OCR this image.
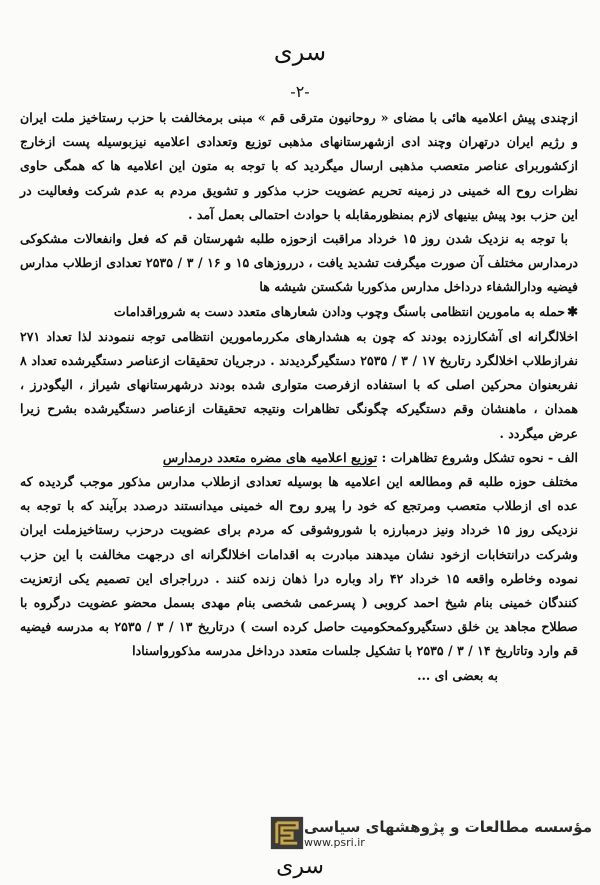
سری
-۲-

ازچندی پیش اعلامیه هائی با مضای « روحانیون مترقی قم » مبنی برمخالفت با حزب رستاخیز ملت ایران و رژیم ایران درتهران وچند ادی ازشهرستانهای مذهبی توزیع وتعدادی اعلامیه نیزبوسیله پست ازخارج ازکشوربرای عناصر متعصب مذهبی ارسال میگردید که با توجه به متون این اعلامیه ها که همگی حاوی نظرات روح اله خمینی در زمینه تحریم عضویت حزب مذکور و تشویق مردم به عدم شرکت وفعالیت در این حزب بود پیش بینیهای لازم بمنظورمقابله با حوادث احتمالی بعمل آمد .

با توجه به نزدیک شدن روز ۱۵ خرداد مراقبت ازحوزه طلبه شهرستان قم که فعل وانفعالات مشکوکی درمدارس مختلف آن صورت میگرفت تشدید یافت ، درروزهای ۱۵ و ۱۶ / ۳ / ۲۵۳۵ تعدادی ازطلاب مدارس فیضیه ودارالشفاء درداخل مدارس مذکوربا شکستن شیشه ها

✱حمله به مامورین انتظامی باسنگ وچوب ودادن شعارهای متعدد دست به شروراقدامات

اخلالگرانه ای آشکارزده بودند که چون به هشدارهای مکررمامورین انتظامی توجه ننمودند لذا تعداد ۲۷۱ نفرازطلاب اخلالگرد رتاریخ ۱۷ / ۳ / ۲۵۳۵ دستگیرگردیدند . درجریان تحقیقات ازعناصر دستگیرشده تعداد ۸ نفربعنوان محرکین اصلی که با استفاده ازفرصت متواری شده بودند درشهرستانهای شیراز ، الیگودرز ، همدان ، ماهنشان وقم دستگیرکه چگونگی تظاهرات ونتیجه تحقیقات ازعناصر دستگیرشده بشرح زیرا عرض میگردد .

الف - نحوه تشکل وشروع تظاهرات : توزیع اعلامیه های مضره متعدد درمدارس

مختلف حوزه طلبه قم ومطالعه این اعلامیه ها بوسیله تعدادی ازطلاب مدارس مذکور موجب گردیده که عده ای ازطلاب متعصب ومرتجع که خود را پیرو روح اله خمینی میدانستند درصدد برآیند که با توجه به نزدیکی روز ۱۵ خرداد ونیز درمبارزه با شوروشوقی که مردم برای عضویت درحزب رستاخیزملت ایران وشرکت درانتخابات ازخود نشان میدهند مبادرت به اقدامات اخلالگرانه ای درجهت مخالفت با این حزب نموده وخاطره واقعه ۱۵ خرداد ۴۲ راد وباره درا ذهان زنده کنند . درراجرای این تصمیم یکی ازتعزیت کنندگان خمینی بنام شیخ احمد کروبی ( پسرعمی شخصی بنام مهدی بسمل محضو عضویت درگروه با صطلاح مجاهد ین خلق دستگیروکمحکومیت حاصل کرده است ) درتاریخ ۱۳ / ۳ / ۲۵۳۵ به مدرسه فیضیه قم وارد وتاتاریخ ۱۴ / ۳ / ۲۵۳۵ با تشکیل جلسات متعدد درداخل مدرسه مذکورواسنادا

به بعضی ای ...

مؤسسه مطالعات و پژوهشهای سیاسی
www.psri.ir
سری
